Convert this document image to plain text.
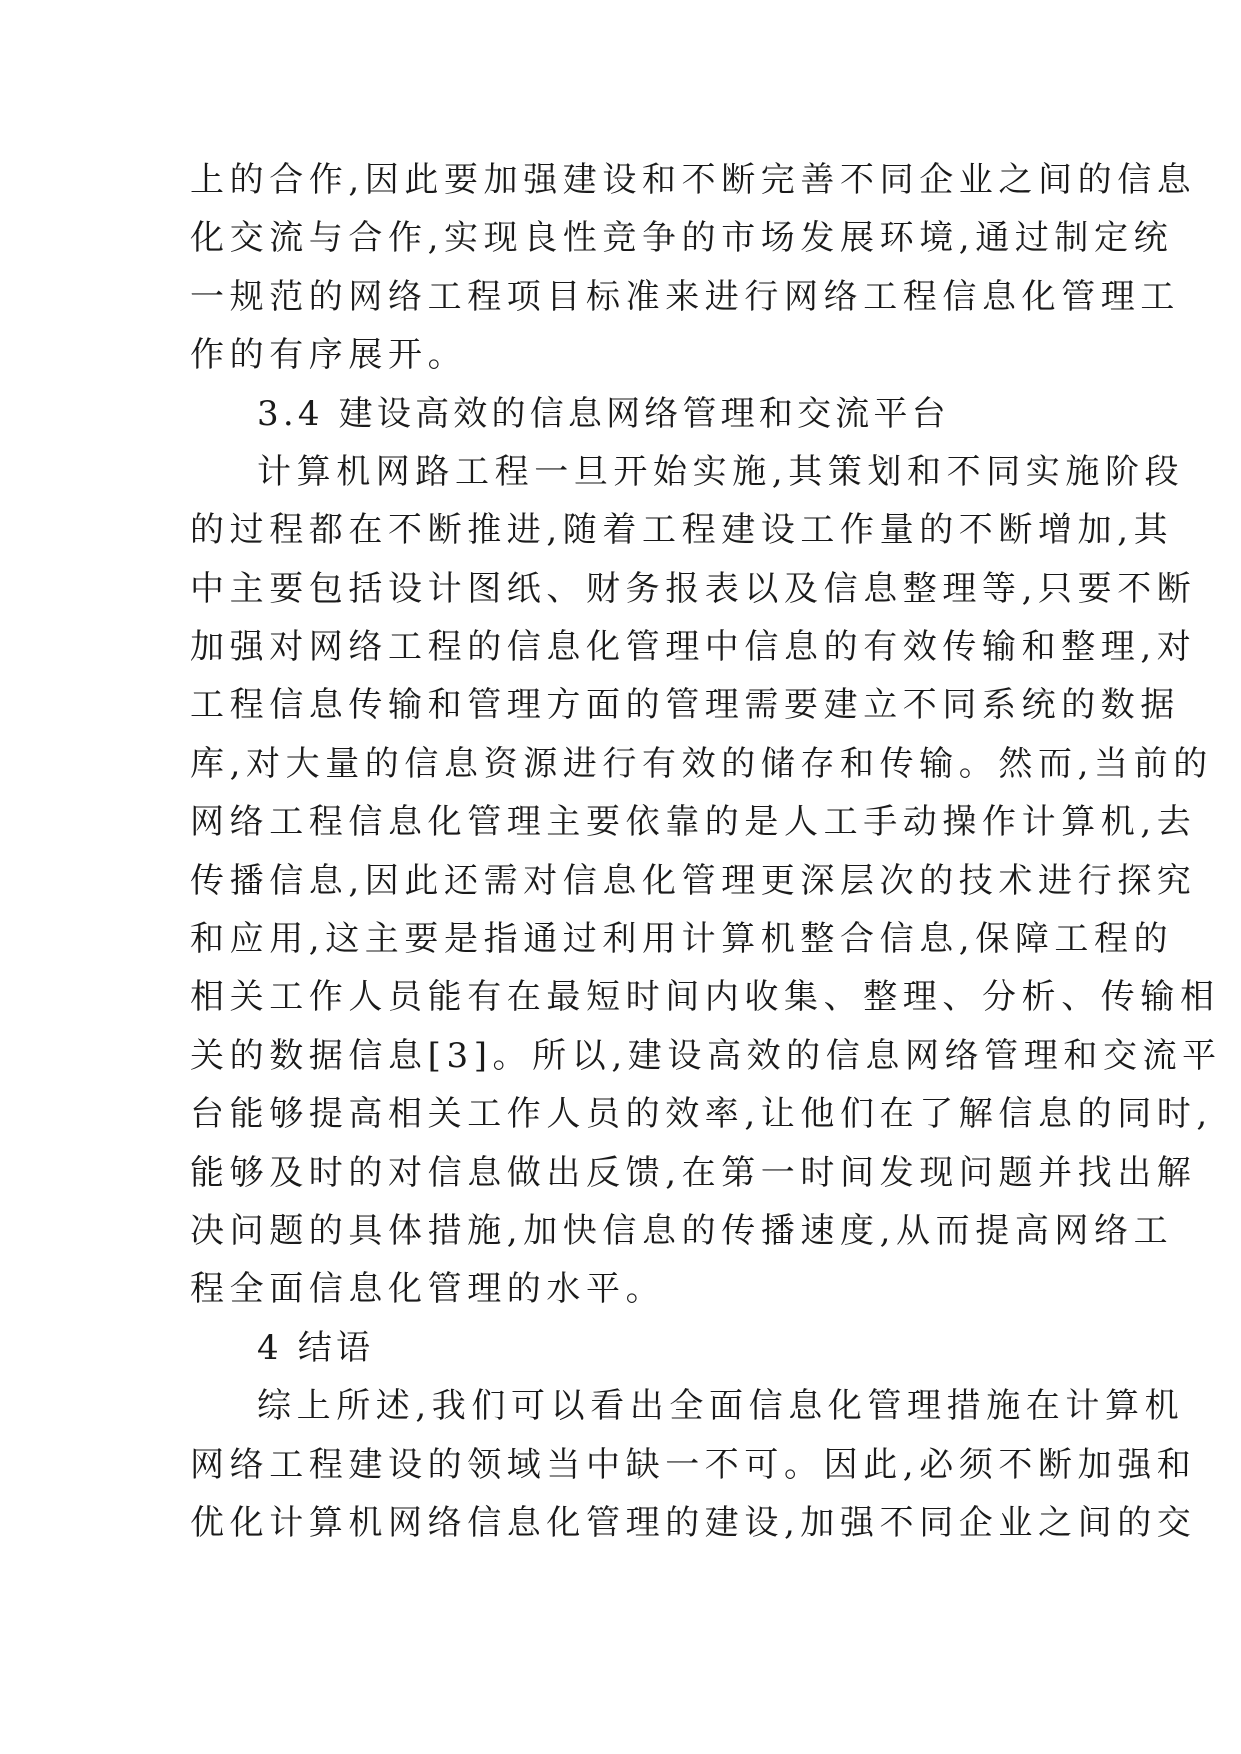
上的合作,因此要加强建设和不断完善不同企业之间的信息
化交流与合作,实现良性竞争的市场发展环境,通过制定统
一规范的网络工程项目标准来进行网络工程信息化管理工
作的有序展开。
3.4 建设高效的信息网络管理和交流平台
计算机网路工程一旦开始实施,其策划和不同实施阶段
的过程都在不断推进,随着工程建设工作量的不断增加,其
中主要包括设计图纸、财务报表以及信息整理等,只要不断
加强对网络工程的信息化管理中信息的有效传输和整理,对
工程信息传输和管理方面的管理需要建立不同系统的数据
库,对大量的信息资源进行有效的储存和传输。然而,当前的
网络工程信息化管理主要依靠的是人工手动操作计算机,去
传播信息,因此还需对信息化管理更深层次的技术进行探究
和应用,这主要是指通过利用计算机整合信息,保障工程的
相关工作人员能有在最短时间内收集、整理、分析、传输相
关的数据信息[3]。所以,建设高效的信息网络管理和交流平
台能够提高相关工作人员的效率,让他们在了解信息的同时,
能够及时的对信息做出反馈,在第一时间发现问题并找出解
决问题的具体措施,加快信息的传播速度,从而提高网络工
程全面信息化管理的水平。
4 结语
综上所述,我们可以看出全面信息化管理措施在计算机
网络工程建设的领域当中缺一不可。因此,必须不断加强和
优化计算机网络信息化管理的建设,加强不同企业之间的交
